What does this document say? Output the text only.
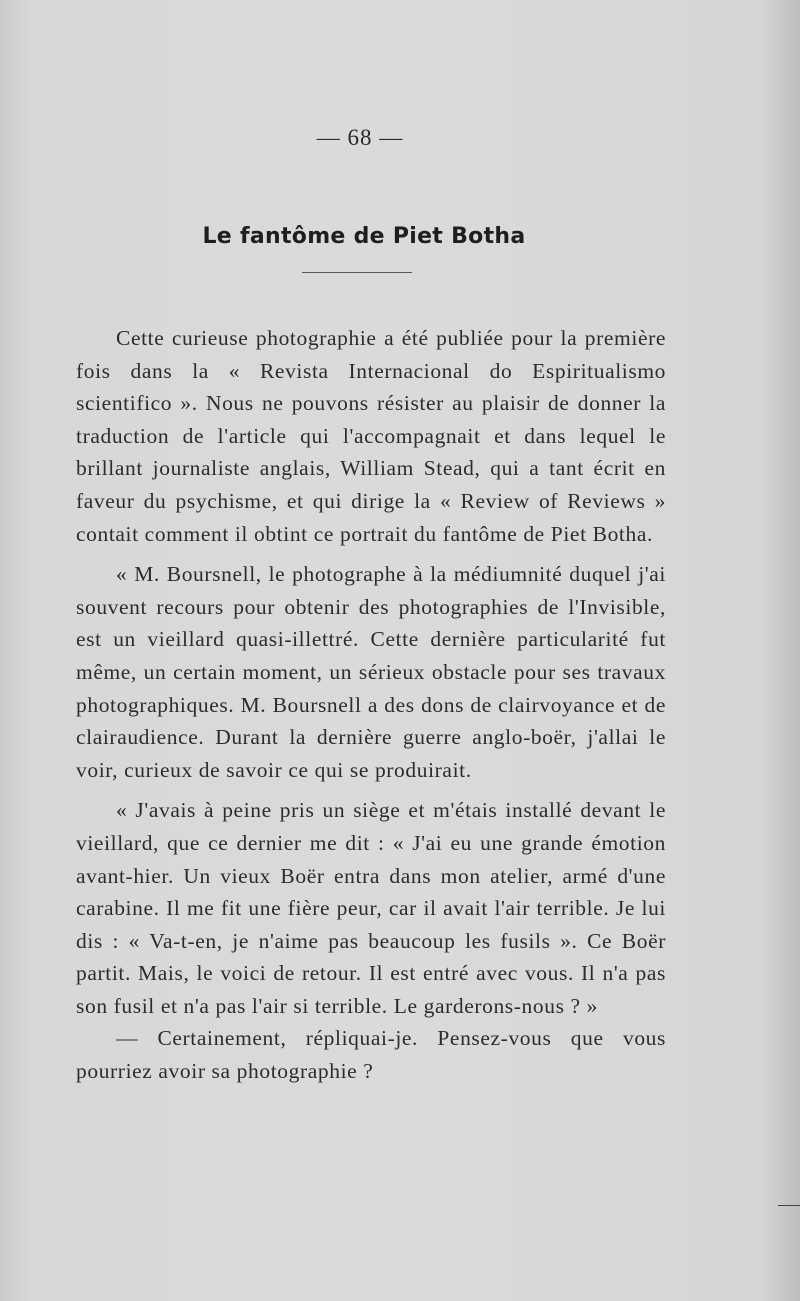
— 68 —
Le fantôme de Piet Botha

Cette curieuse photographie a été publiée pour la première fois dans la « Revista Internacional do Espiritualismo scientifico ». Nous ne pouvons résister au plaisir de donner la traduction de l'article qui l'accompagnait et dans lequel le brillant journaliste anglais, William Stead, qui a tant écrit en faveur du psychisme, et qui dirige la « Review of Reviews » contait comment il obtint ce portrait du fantôme de Piet Botha.

« M. Boursnell, le photographe à la médiumnité duquel j'ai souvent recours pour obtenir des photographies de l'Invisible, est un vieillard quasi-illettré. Cette dernière particularité fut même, un certain moment, un sérieux obstacle pour ses travaux photographiques. M. Boursnell a des dons de clairvoyance et de clairaudience. Durant la dernière guerre anglo-boër, j'allai le voir, curieux de savoir ce qui se produirait.

« J'avais à peine pris un siège et m'étais installé devant le vieillard, que ce dernier me dit : « J'ai eu une grande émotion avant-hier. Un vieux Boër entra dans mon atelier, armé d'une carabine. Il me fit une fière peur, car il avait l'air terrible. Je lui dis : « Va-t-en, je n'aime pas beaucoup les fusils ». Ce Boër partit. Mais, le voici de retour. Il est entré avec vous. Il n'a pas son fusil et n'a pas l'air si terrible. Le garderons-nous ? »

— Certainement, répliquai-je. Pensez-vous que vous pourriez avoir sa photographie ?
